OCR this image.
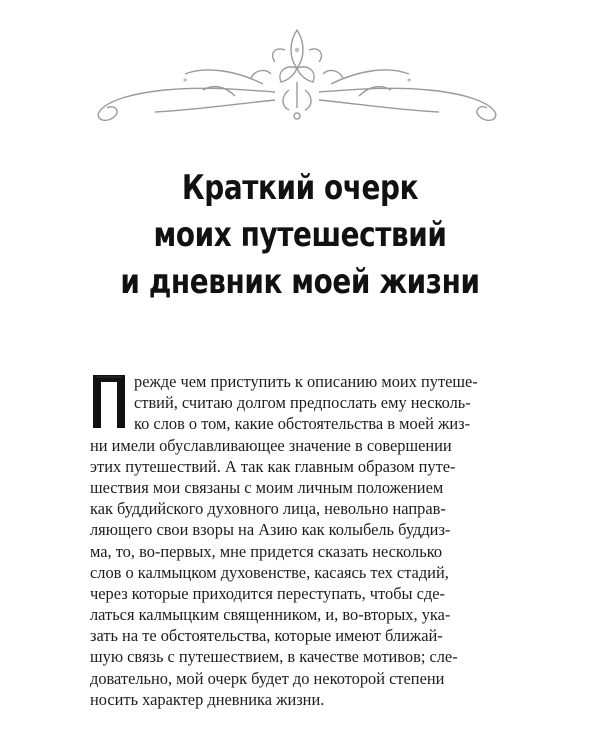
Краткий очерк
моих путешествий
и дневник моей жизни
П	режде чем приступить к описанию моих путеше-
ствий, считаю долгом предпослать ему несколь-
ко слов о том, какие обстоятельства в моей жиз-
ни имели обуславливающее значение в совершении
этих путешествий. А так как главным образом путе-
шествия мои связаны с моим личным положением
как буддийского духовного лица, невольно направ-
ляющего свои взоры на Азию как колыбель буддиз-
ма, то, во-первых, мне придется сказать несколько
слов о калмыцком духовенстве, касаясь тех стадий,
через которые приходится переступать, чтобы сде-
латься калмыцким священником, и, во-вторых, ука-
зать на те обстоятельства, которые имеют ближай-
шую связь с путешествием, в качестве мотивов; сле-
довательно, мой очерк будет до некоторой степени
носить характер дневника жизни.
